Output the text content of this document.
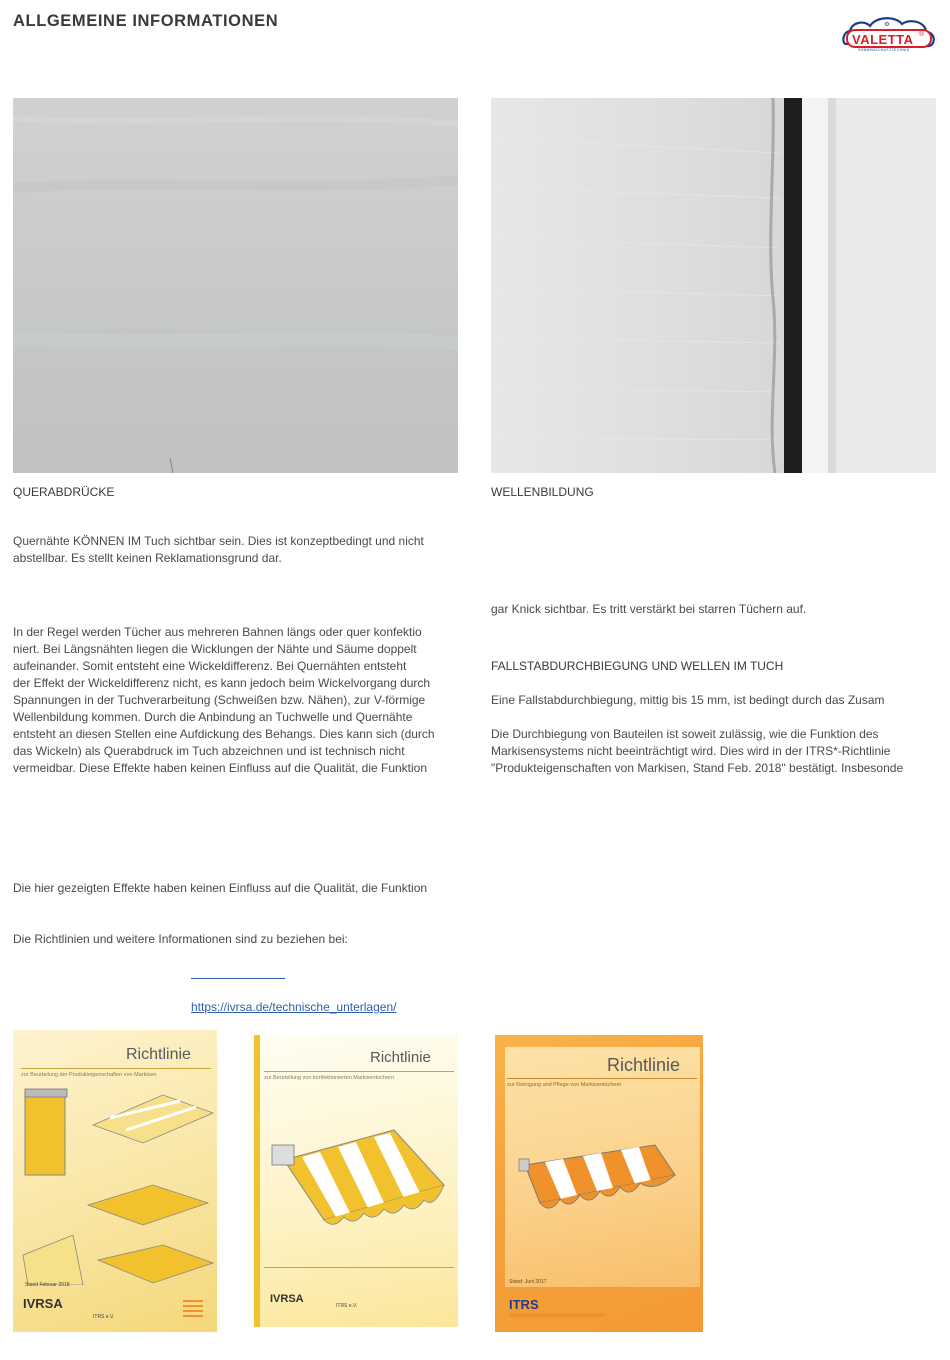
ALLGEMEINE INFORMATIONEN	⚙
VALETTA ®
SONNENSCHUTZTECHNIK
QUERABDRÜCKE	WELLENBILDUNG
Quernähte KÖNNEN IM Tuch sichtbar sein. Dies ist konzeptbedingt und nicht
abstellbar. Es stellt keinen Reklamationsgrund dar.
In der Regel werden Tücher aus mehreren Bahnen längs oder quer konfektio
niert. Bei Längsnähten liegen die Wicklungen der Nähte und Säume doppelt
aufeinander. Somit entsteht eine Wickeldifferenz. Bei Quernähten entsteht
der Effekt der Wickeldifferenz nicht, es kann jedoch beim Wickelvorgang durch
Spannungen in der Tuchverarbeitung (Schweißen bzw. Nähen), zur V-förmige
Wellenbildung kommen. Durch die Anbindung an Tuchwelle und Quernähte
entsteht an diesen Stellen eine Aufdickung des Behangs. Dies kann sich (durch
das Wickeln) als Querabdruck im Tuch abzeichnen und ist technisch nicht
vermeidbar. Diese Effekte haben keinen Einfluss auf die Qualität, die Funktion
Die hier gezeigten Effekte haben keinen Einfluss auf die Qualität, die Funktion
Die Richtlinien und weitere Informationen sind zu beziehen bei:
https://ivrsa.de/technische_unterlagen/
gar Knick sichtbar. Es tritt verstärkt bei starren Tüchern auf.
FALLSTABDURCHBIEGUNG UND WELLEN IM TUCH
Eine Fallstabdurchbiegung, mittig bis 15 mm, ist bedingt durch das Zusam
Die Durchbiegung von Bauteilen ist soweit zulässig, wie die Funktion des
Markisensystems nicht beeinträchtigt wird. Dies wird in der ITRS*-Richtlinie
"Produkteigenschaften von Markisen, Stand Feb. 2018" bestätigt. Insbesonde
Richtlinie
zur Beurteilung der Produkteigenschaften von Markisen
Stand Februar 2018
IVRSA
ITRS e.V.
Richtlinie
zur Beurteilung von konfektionierten Markisentüchern
IVRSA
ITRS e.V.
Richtlinie
zur Reinigung und Pflege von Markisentüchern
Stand: Juni 2017
ITRS
